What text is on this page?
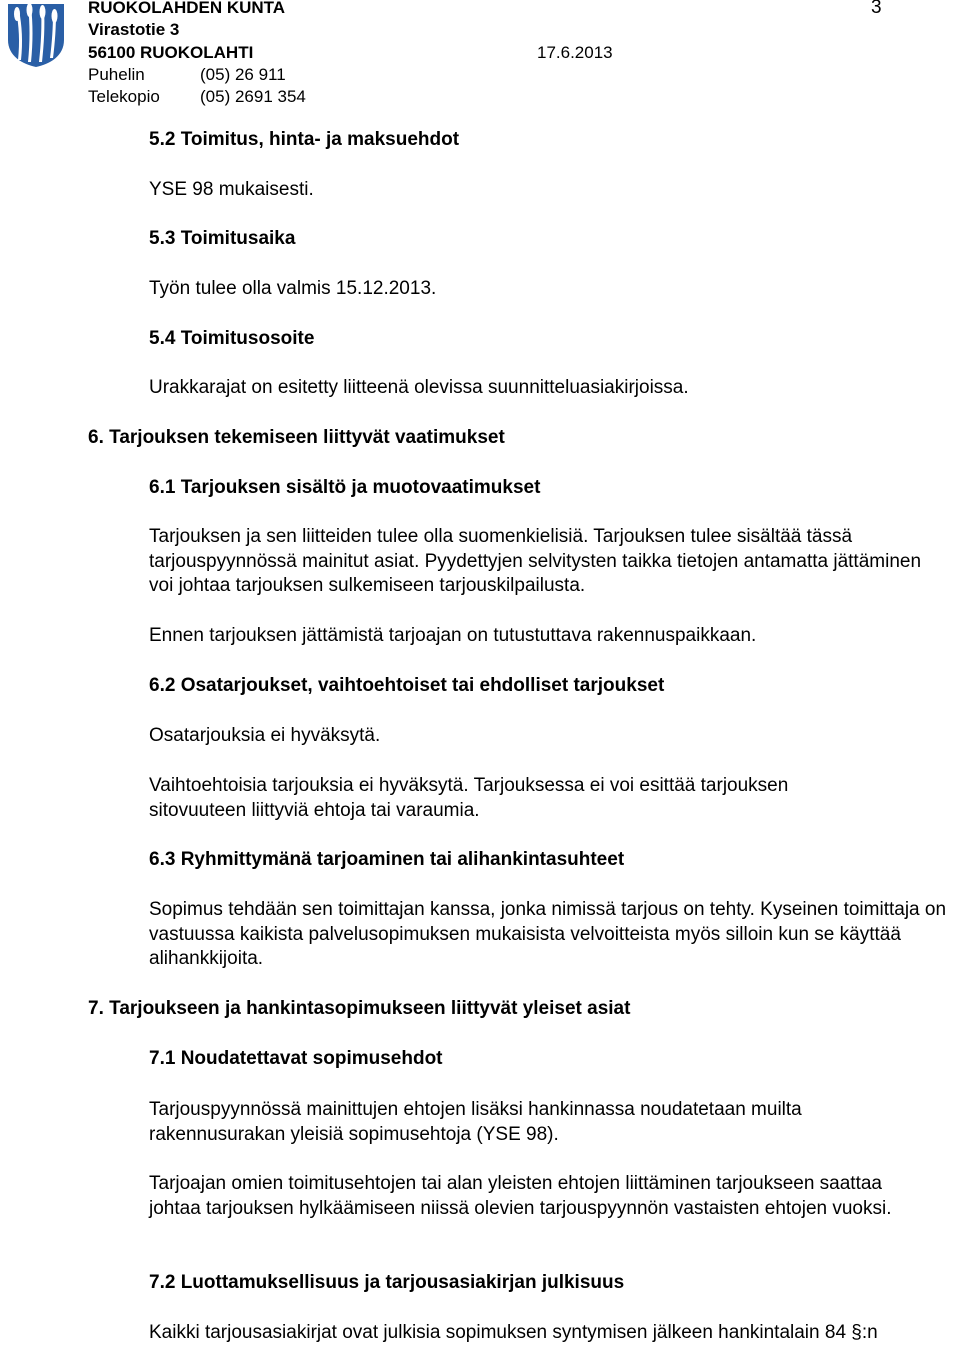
RUOKOLAHDEN KUNTA	3
Virastotie 3
56100 RUOKOLAHTI	17.6.2013
Puhelin	(05) 26 911
Telekopio (05) 2691 354
5.2 Toimitus, hinta- ja maksuehdot
YSE 98 mukaisesti.
5.3 Toimitusaika
Työn tulee olla valmis 15.12.2013.
5.4 Toimitusosoite
Urakkarajat on esitetty liitteenä olevissa suunnitteluasiakirjoissa.
6. Tarjouksen tekemiseen liittyvät vaatimukset
6.1 Tarjouksen sisältö ja muotovaatimukset
Tarjouksen ja sen liitteiden tulee olla suomenkielisiä. Tarjouksen tulee sisältää tässä tarjouspyynnössä mainitut asiat. Pyydettyjen selvitysten taikka tietojen antamatta jättäminen voi johtaa tarjouksen sulkemiseen tarjouskilpailusta.
Ennen tarjouksen jättämistä tarjoajan on tutustuttava rakennuspaikkaan.
6.2 Osatarjoukset, vaihtoehtoiset tai ehdolliset tarjoukset
Osatarjouksia ei hyväksytä.
Vaihtoehtoisia tarjouksia ei hyväksytä. Tarjouksessa ei voi esittää tarjouksen sitovuuteen liittyviä ehtoja tai varaumia.
6.3 Ryhmittymänä tarjoaminen tai alihankintasuhteet
Sopimus tehdään sen toimittajan kanssa, jonka nimissä tarjous on tehty. Kyseinen toimittaja on vastuussa kaikista palvelusopimuksen mukaisista velvoitteista myös silloin kun se käyttää alihankkijoita.
7. Tarjoukseen ja hankintasopimukseen liittyvät yleiset asiat
7.1 Noudatettavat sopimusehdot
Tarjouspyynnössä mainittujen ehtojen lisäksi hankinnassa noudatetaan muilta rakennusurakan yleisiä sopimusehtoja (YSE 98).
Tarjoajan omien toimitusehtojen tai alan yleisten ehtojen liittäminen tarjoukseen saattaa johtaa tarjouksen hylkäämiseen niissä olevien tarjouspyynnön vastaisten ehtojen vuoksi.
7.2 Luottamuksellisuus ja tarjousasiakirjan julkisuus
Kaikki tarjousasiakirjat ovat julkisia sopimuksen syntymisen jälkeen hankintalain 84 §:n
